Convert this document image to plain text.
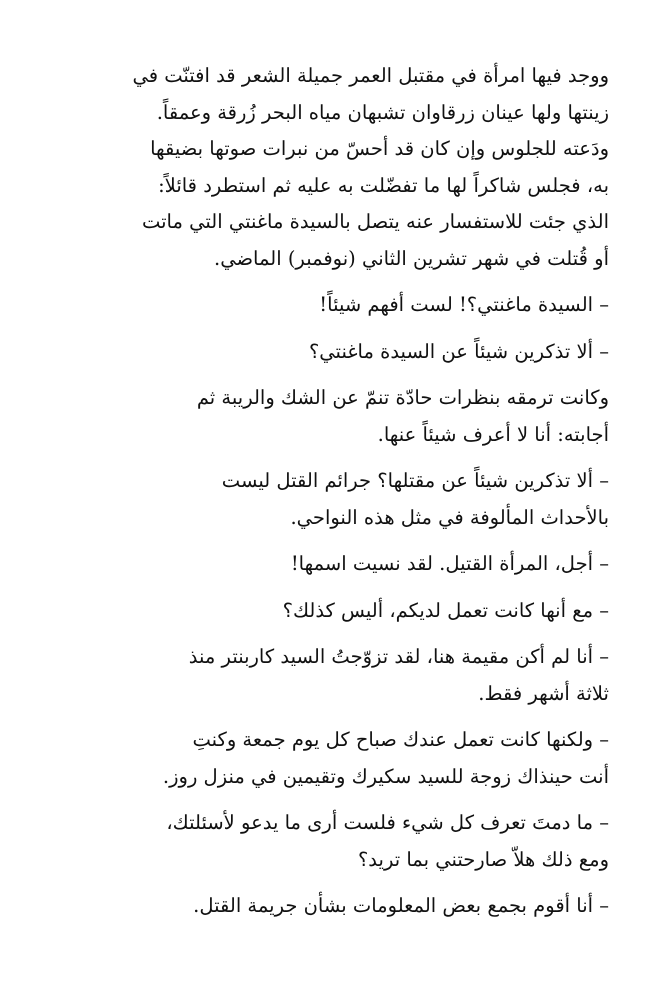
ووجد فيها امرأة في مقتبل العمر جميلة الشعر قد افتنّت في
زينتها ولها عينان زرقاوان تشبهان مياه البحر زُرقة وعمقاً.
ودَعته للجلوس وإن كان قد أحسّ من نبرات صوتها بضيقها
به، فجلس شاكراً لها ما تفضّلت به عليه ثم استطرد قائلاً:
الذي جئت للاستفسار عنه يتصل بالسيدة ماغنتي التي ماتت
أو قُتلت في شهر تشرين الثاني (نوفمبر) الماضي.

– السيدة ماغنتي؟! لست أفهم شيئاً!

– ألا تذكرين شيئاً عن السيدة ماغنتي؟

وكانت ترمقه بنظرات حادّة تنمّ عن الشك والريبة ثم
أجابته: أنا لا أعرف شيئاً عنها.

– ألا تذكرين شيئاً عن مقتلها؟ جرائم القتل ليست
بالأحداث المألوفة في مثل هذه النواحي.

– أجل، المرأة القتيل. لقد نسيت اسمها!

– مع أنها كانت تعمل لديكم، أليس كذلك؟

– أنا لم أكن مقيمة هنا، لقد تزوّجتُ السيد كاربنتر منذ
ثلاثة أشهر فقط.

– ولكنها كانت تعمل عندك صباح كل يوم جمعة وكنتِ
أنت حينذاك زوجة للسيد سكيرك وتقيمين في منزل روز.

– ما دمتَ تعرف كل شيء فلست أرى ما يدعو لأسئلتك،
ومع ذلك هلاّ صارحتني بما تريد؟

– أنا أقوم بجمع بعض المعلومات بشأن جريمة القتل.
